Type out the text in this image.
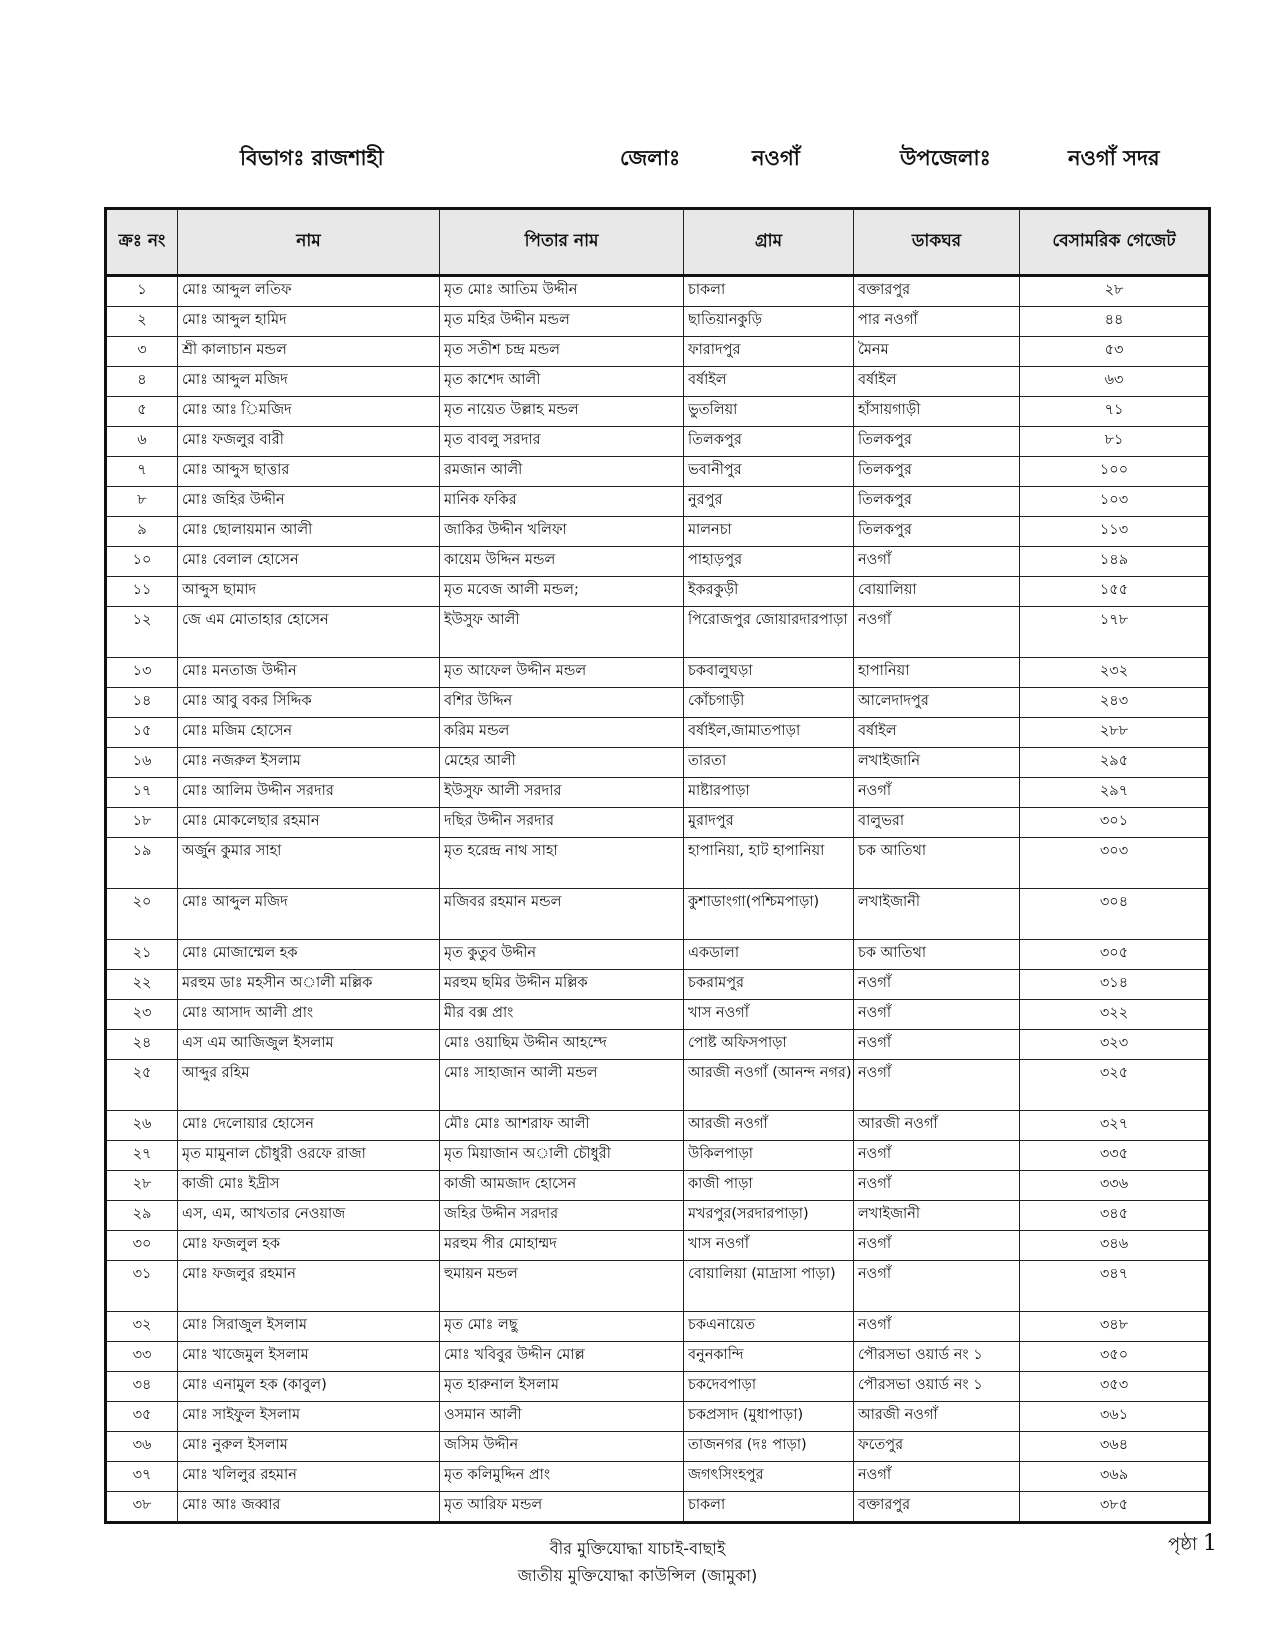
বিভাগঃ রাজশাহী	জেলাঃ	নওগাঁ	উপজেলাঃ	নওগাঁ সদর
ক্রঃ নং	নাম	পিতার নাম	গ্রাম	ডাকঘর	বেসামরিক গেজেট
১	মোঃ আব্দুল লতিফ	মৃত মোঃ আতিম উদ্দীন	চাকলা	বক্তারপুর	২৮
২	মোঃ আব্দুল হামিদ	মৃত মহির উদ্দীন মন্ডল	ছাতিয়ানকুড়ি	পার নওগাঁ	৪৪
৩	শ্রী কালাচান মন্ডল	মৃত সতীশ চন্দ্র মন্ডল	ফারাদপুর	মৈনম	৫৩
৪	মোঃ আব্দুল মজিদ	মৃত কাশেদ আলী	বর্ষাইল	বর্ষাইল	৬৩
৫	মোঃ আঃ িমজিদ	মৃত নায়েত উল্লাহ মন্ডল	ভুতলিয়া	হাঁসায়গাড়ী	৭১
৬	মোঃ ফজলুর বারী	মৃত বাবলু সরদার	তিলকপুর	তিলকপুর	৮১
৭	মোঃ আব্দুস ছাত্তার	রমজান আলী	ভবানীপুর	তিলকপুর	১০০
৮	মোঃ জহির উদ্দীন	মানিক ফকির	নুরপুর	তিলকপুর	১০৩
৯	মোঃ ছোলায়মান আলী	জাকির উদ্দীন খলিফা	মালনচা	তিলকপুর	১১৩
১০	মোঃ বেলাল হোসেন	কায়েম উদ্দিন মন্ডল	পাহাড়পুর	নওগাঁ	১৪৯
১১	আব্দুস ছামাদ	মৃত মবেজ আলী মন্ডল;	ইকরকুড়ী	বোয়ালিয়া	১৫৫
১২	জে এম মোতাহার হোসেন	ইউসুফ আলী	পিরোজপুর জোয়ারদারপাড়া	নওগাঁ	১৭৮
১৩	মোঃ মনতাজ উদ্দীন	মৃত আফেল উদ্দীন মন্ডল	চকবালুঘড়া	হাপানিয়া	২৩২
১৪	মোঃ আবু বকর সিদ্দিক	বশির উদ্দিন	কোঁচগাড়ী	আলেদাদপুর	২৪৩
১৫	মোঃ মজিম হোসেন	করিম মন্ডল	বর্ষাইল,জামাতপাড়া	বর্ষাইল	২৮৮
১৬	মোঃ নজরুল ইসলাম	মেহের আলী	তারতা	লখাইজানি	২৯৫
১৭	মোঃ আলিম উদ্দীন সরদার	ইউসুফ আলী সরদার	মাষ্টারপাড়া	নওগাঁ	২৯৭
১৮	মোঃ মোকলেছার রহমান	দছির উদ্দীন সরদার	মুরাদপুর	বালুভরা	৩০১
১৯	অর্জুন কুমার সাহা	মৃত হরেন্দ্র নাথ সাহা	হাপানিয়া, হাট হাপানিয়া	চক আতিথা	৩০৩
২০	মোঃ আব্দুল মজিদ	মজিবর রহমান মন্ডল	কুশাডাংগা(পশ্চিমপাড়া)	লখাইজানী	৩০৪
২১	মোঃ মোজাম্মেল হক	মৃত কুতুব উদ্দীন	একডালা	চক আতিথা	৩০৫
২২	মরহুম ডাঃ মহসীন অালী মল্লিক	মরহুম ছমির উদ্দীন মল্লিক	চকরামপুর	নওগাঁ	৩১৪
২৩	মোঃ আসাদ আলী প্রাং	মীর বক্স প্রাং	খাস নওগাঁ	নওগাঁ	৩২২
২৪	এস এম আজিজুল ইসলাম	মোঃ ওয়াছিম উদ্দীন আহম্দে	পোষ্ট অফিসপাড়া	নওগাঁ	৩২৩
২৫	আব্দুর রহিম	মোঃ সাহাজান আলী মন্ডল	আরজী নওগাঁ (আনন্দ নগর)	নওগাঁ	৩২৫
২৬	মোঃ দেলোয়ার হোসেন	মৌঃ মোঃ আশরাফ আলী	আরজী নওগাঁ	আরজী নওগাঁ	৩২৭
২৭	মৃত মামুনাল চৌধুরী ওরফে রাজা	মৃত মিয়াজান অালী চৌধুরী	উকিলপাড়া	নওগাঁ	৩৩৫
২৮	কাজী মোঃ ইদ্রীস	কাজী আমজাদ হোসেন	কাজী পাড়া	নওগাঁ	৩৩৬
২৯	এস, এম, আখতার নেওয়াজ	জহির উদ্দীন সরদার	মখরপুর(সরদারপাড়া)	লখাইজানী	৩৪৫
৩০	মোঃ ফজলুল হক	মরহুম পীর মোহাম্মদ	খাস নওগাঁ	নওগাঁ	৩৪৬
৩১	মোঃ ফজলুর রহমান	হুমায়ন মন্ডল	বোয়ালিয়া (মাদ্রাসা পাড়া)	নওগাঁ	৩৪৭
৩২	মোঃ সিরাজুল ইসলাম	মৃত মোঃ লছু	চকএনায়েত	নওগাঁ	৩৪৮
৩৩	মোঃ খাজেমুল ইসলাম	মোঃ খবিবুর উদ্দীন মোল্ল	বনুনকান্দি	পৌরসভা ওয়ার্ড নং ১	৩৫০
৩৪	মোঃ এনামুল হক (কাবুল)	মৃত হারুনাল ইসলাম	চকদেবপাড়া	পৌরসভা ওয়ার্ড নং ১	৩৫৩
৩৫	মোঃ সাইফুল ইসলাম	ওসমান আলী	চকপ্রসাদ (মুধাপাড়া)	আরজী নওগাঁ	৩৬১
৩৬	মোঃ নুরুল ইসলাম	জসিম উদ্দীন	তাজনগর (দঃ পাড়া)	ফতেপুর	৩৬৪
৩৭	মোঃ খলিলুর রহমান	মৃত কলিমুদ্দিন প্রাং	জগৎসিংহপুর	নওগাঁ	৩৬৯
৩৮	মোঃ আঃ জব্বার	মৃত আরিফ মন্ডল	চাকলা	বক্তারপুর	৩৮৫
বীর মুক্তিযোদ্ধা যাচাই-বাছাই
জাতীয় মুক্তিযোদ্ধা কাউন্সিল (জামুকা)
পৃষ্ঠা 1
